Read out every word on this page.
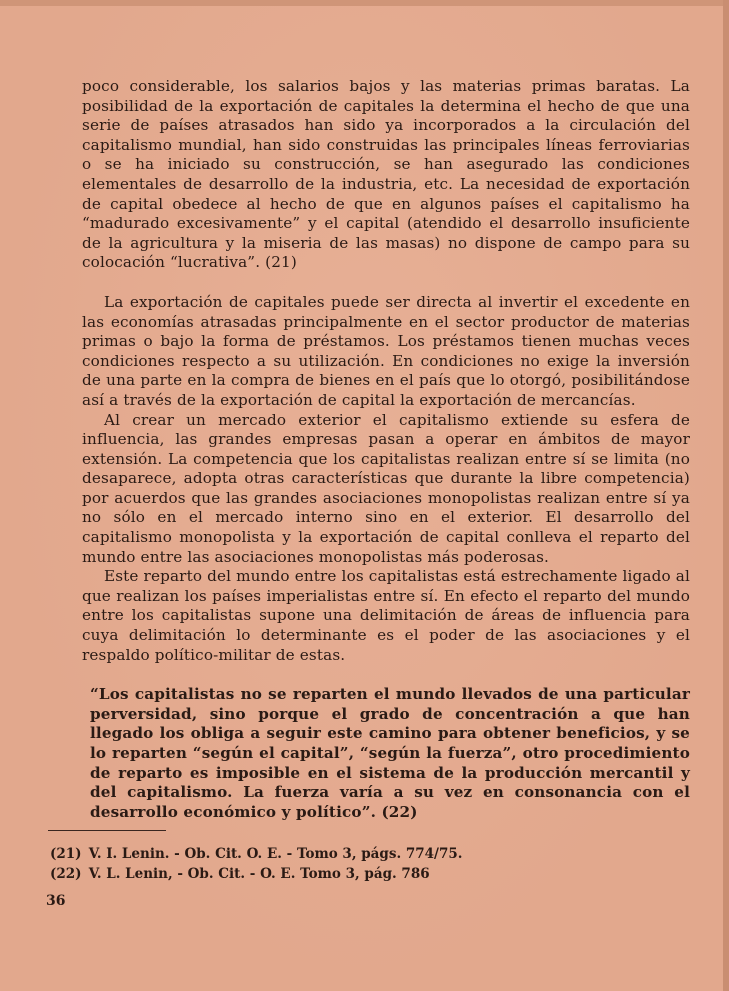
poco considerable, los salarios bajos y las materias primas baratas. La posibilidad de la exportación de capitales la determina el hecho de que una serie de países atrasados han sido ya incorporados a la circulación del capitalismo mundial, han sido construidas las principales líneas ferroviarias o se ha iniciado su construcción, se han asegurado las condiciones elementales de desarrollo de la industria, etc. La necesidad de exportación de capital obedece al hecho de que en algunos países el capitalismo ha “madurado excesivamente” y el capital (atendido el desarrollo insuficiente de la agricultura y la miseria de las masas) no dispone de campo para su colocación “lucrativa”. (21)

La exportación de capitales puede ser directa al invertir el excedente en las economías atrasadas principalmente en el sector productor de materias primas o bajo la forma de préstamos. Los préstamos tienen muchas veces condiciones respecto a su utilización. En condiciones no exige la inversión de una parte en la compra de bienes en el país que lo otorgó, posibilitándose así a través de la exportación de capital la exportación de mercancías.

Al crear un mercado exterior el capitalismo extiende su esfera de influencia, las grandes empresas pasan a operar en ámbitos de mayor extensión. La competencia que los capitalistas realizan entre sí se limita (no desaparece, adopta otras características que durante la libre competencia) por acuerdos que las grandes asociaciones monopolistas realizan entre sí ya no sólo en el mercado interno sino en el exterior. El desarrollo del capitalismo monopolista y la exportación de capital conlleva el reparto del mundo entre las asociaciones monopolistas más poderosas.

Este reparto del mundo entre los capitalistas está estrechamente ligado al que realizan los países imperialistas entre sí. En efecto el reparto del mundo entre los capitalistas supone una delimitación de áreas de influencia para cuya delimitación lo determinante es el poder de las asociaciones y el respaldo político-militar de estas.

“Los capitalistas no se reparten el mundo llevados de una particular perversidad, sino porque el grado de concentración a que han llegado los obliga a seguir este camino para obtener beneficios, y se lo reparten “según el capital”, “según la fuerza”, otro procedimiento de reparto es imposible en el sistema de la producción mercantil y del capitalismo. La fuerza varía a su vez en consonancia con el desarrollo económico y político”. (22)

(21) V. I. Lenin. - Ob. Cit. O. E. - Tomo 3, págs. 774/75.
(22) V. L. Lenin, - Ob. Cit. - O. E. Tomo 3, pág. 786
36
